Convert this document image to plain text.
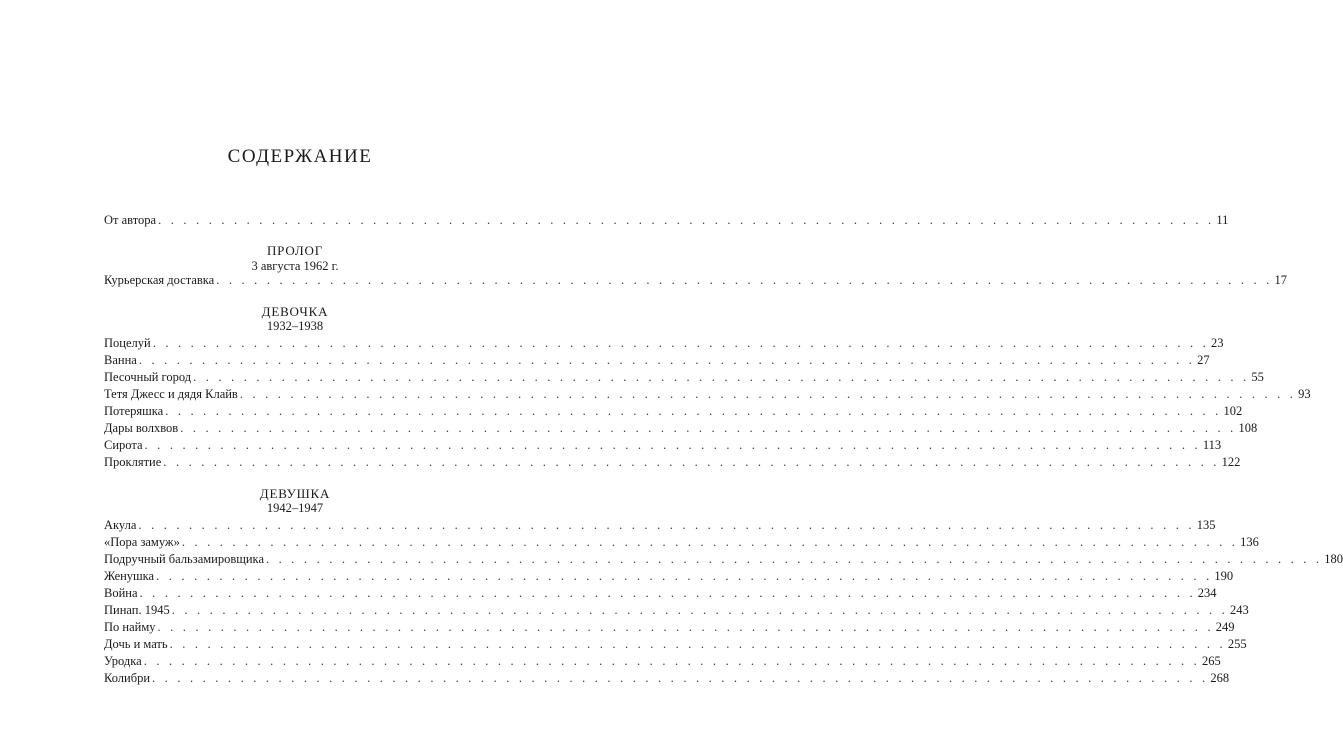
СОДЕРЖАНИЕ
От автора . . . . . . . . . . . . . . . . . . . . . . . . . . . . . . . . . . . . . . . . . . . . . . . . . . . . . . . . . . . . . . . . . . . . . . . . . . . . . . . . . . . . 11
ПРОЛОГ
3 августа 1962 г.
Курьерская доставка . . . . . . . . . . . . . . . . . . . . . . . . . . . . . . . . . . . . . . . . . . . . . . . . . . . . . . . . . . . . . . . . . . . . . . . . . . . . . . . . . . . . 17
ДЕВОЧКА
1932–1938
Поцелуй . . . . . . . . . . . . . . . . . . . . . . . . . . . . . . . . . . . . . . . . . . . . . . . . . . . . . . . . . . . . . . . . . . . . . . . . . . . . . . . . . . . . 23
Ванна . . . . . . . . . . . . . . . . . . . . . . . . . . . . . . . . . . . . . . . . . . . . . . . . . . . . . . . . . . . . . . . . . . . . . . . . . . . . . . . . . . . . 27
Песочный город . . . . . . . . . . . . . . . . . . . . . . . . . . . . . . . . . . . . . . . . . . . . . . . . . . . . . . . . . . . . . . . . . . . . . . . . . . . . . . . . . . . . 55
Тетя Джесс и дядя Клайв . . . . . . . . . . . . . . . . . . . . . . . . . . . . . . . . . . . . . . . . . . . . . . . . . . . . . . . . . . . . . . . . . . . . . . . . . . . . . . . . . . . . 93
Потеряшка . . . . . . . . . . . . . . . . . . . . . . . . . . . . . . . . . . . . . . . . . . . . . . . . . . . . . . . . . . . . . . . . . . . . . . . . . . . . . . . . . . . . 102
Дары волхвов . . . . . . . . . . . . . . . . . . . . . . . . . . . . . . . . . . . . . . . . . . . . . . . . . . . . . . . . . . . . . . . . . . . . . . . . . . . . . . . . . . . . 108
Сирота . . . . . . . . . . . . . . . . . . . . . . . . . . . . . . . . . . . . . . . . . . . . . . . . . . . . . . . . . . . . . . . . . . . . . . . . . . . . . . . . . . . . 113
Проклятие . . . . . . . . . . . . . . . . . . . . . . . . . . . . . . . . . . . . . . . . . . . . . . . . . . . . . . . . . . . . . . . . . . . . . . . . . . . . . . . . . . . . 122
ДЕВУШКА
1942–1947
Акула . . . . . . . . . . . . . . . . . . . . . . . . . . . . . . . . . . . . . . . . . . . . . . . . . . . . . . . . . . . . . . . . . . . . . . . . . . . . . . . . . . . . 135
«Пора замуж» . . . . . . . . . . . . . . . . . . . . . . . . . . . . . . . . . . . . . . . . . . . . . . . . . . . . . . . . . . . . . . . . . . . . . . . . . . . . . . . . . . . . 136
Подручный бальзамировщика . . . . . . . . . . . . . . . . . . . . . . . . . . . . . . . . . . . . . . . . . . . . . . . . . . . . . . . . . . . . . . . . . . . . . . . . . . . . . . . . . . . . 180
Женушка . . . . . . . . . . . . . . . . . . . . . . . . . . . . . . . . . . . . . . . . . . . . . . . . . . . . . . . . . . . . . . . . . . . . . . . . . . . . . . . . . . . . 190
Война . . . . . . . . . . . . . . . . . . . . . . . . . . . . . . . . . . . . . . . . . . . . . . . . . . . . . . . . . . . . . . . . . . . . . . . . . . . . . . . . . . . . 234
Пинап. 1945 . . . . . . . . . . . . . . . . . . . . . . . . . . . . . . . . . . . . . . . . . . . . . . . . . . . . . . . . . . . . . . . . . . . . . . . . . . . . . . . . . . . . 243
По найму . . . . . . . . . . . . . . . . . . . . . . . . . . . . . . . . . . . . . . . . . . . . . . . . . . . . . . . . . . . . . . . . . . . . . . . . . . . . . . . . . . . . 249
Дочь и мать . . . . . . . . . . . . . . . . . . . . . . . . . . . . . . . . . . . . . . . . . . . . . . . . . . . . . . . . . . . . . . . . . . . . . . . . . . . . . . . . . . . . 255
Уродка . . . . . . . . . . . . . . . . . . . . . . . . . . . . . . . . . . . . . . . . . . . . . . . . . . . . . . . . . . . . . . . . . . . . . . . . . . . . . . . . . . . . 265
Колибри . . . . . . . . . . . . . . . . . . . . . . . . . . . . . . . . . . . . . . . . . . . . . . . . . . . . . . . . . . . . . . . . . . . . . . . . . . . . . . . . . . . . 268
